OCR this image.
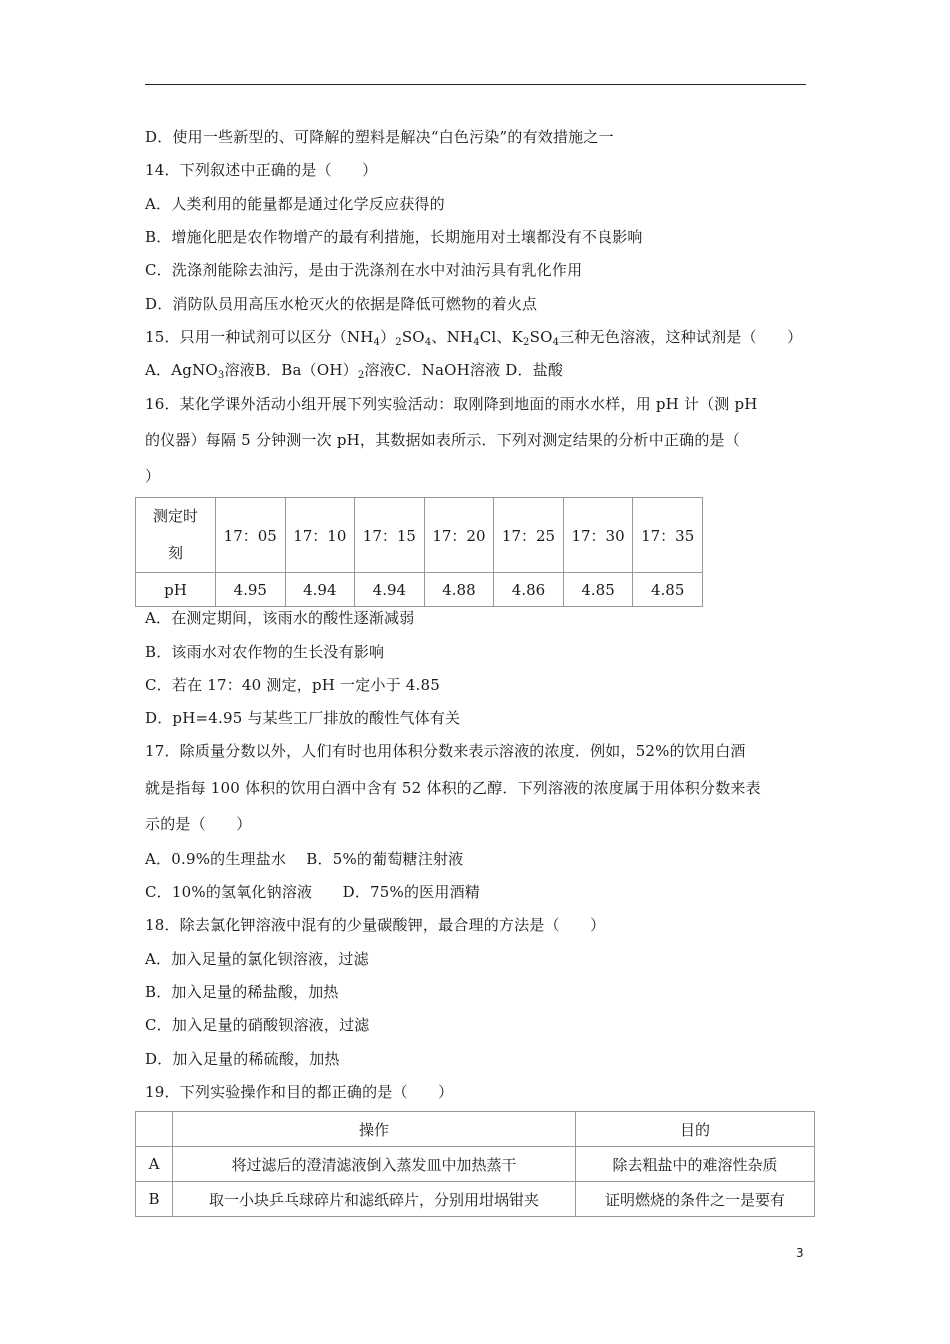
D．使用一些新型的、可降解的塑料是解决“白色污染”的有效措施之一
14．下列叙述中正确的是（　　）
A．人类利用的能量都是通过化学反应获得的
B．增施化肥是农作物增产的最有利措施，长期施用对土壤都没有不良影响
C．洗涤剂能除去油污，是由于洗涤剂在水中对油污具有乳化作用
D．消防队员用高压水枪灭火的依据是降低可燃物的着火点
15．只用一种试剂可以区分$(NH_4)_2SO_4$、$NH_4Cl$、$K_2SO_4$三种无色溶液，这种试剂是（　　）
A．AgNO$_3$溶液B．$Ba(OH)_2$溶液C．NaOH溶液 D．盐酸
16．某化学课外活动小组开展下列实验活动：取刚降到地面的雨水水样，用 pH 计（测 pH
的仪器）每隔 5 分钟测一次 pH，其数据如表所示．下列对测定结果的分析中正确的是（
）
测定时刻	17：05	17：10	17：15	17：20	17：25	17：30	17：35
pH	4.95	4.94	4.94	4.88	4.86	4.85	4.85
A．在测定期间，该雨水的酸性逐渐减弱
B．该雨水对农作物的生长没有影响
C．若在 17：40 测定，pH 一定小于 4.85
D．pH=4.95 与某些工厂排放的酸性气体有关
17．除质量分数以外，人们有时也用体积分数来表示溶液的浓度．例如，52%的饮用白酒
就是指每 100 体积的饮用白酒中含有 52 体积的乙醇．下列溶液的浓度属于用体积分数来表
示的是（　　）
A．0.9%的生理盐水　 B．5%的葡萄糖注射液
C．10%的氢氧化钠溶液　　D．75%的医用酒精
18．除去氯化钾溶液中混有的少量碳酸钾，最合理的方法是（　　）
A．加入足量的氯化钡溶液，过滤
B．加入足量的稀盐酸，加热
C．加入足量的硝酸钡溶液，过滤
D．加入足量的稀硫酸，加热
19．下列实验操作和目的都正确的是（　　）
	操作	目的
A	将过滤后的澄清滤液倒入蒸发皿中加热蒸干	除去粗盐中的难溶性杂质
B	取一小块乒乓球碎片和滤纸碎片，分别用坩埚钳夹	证明燃烧的条件之一是要有
3
